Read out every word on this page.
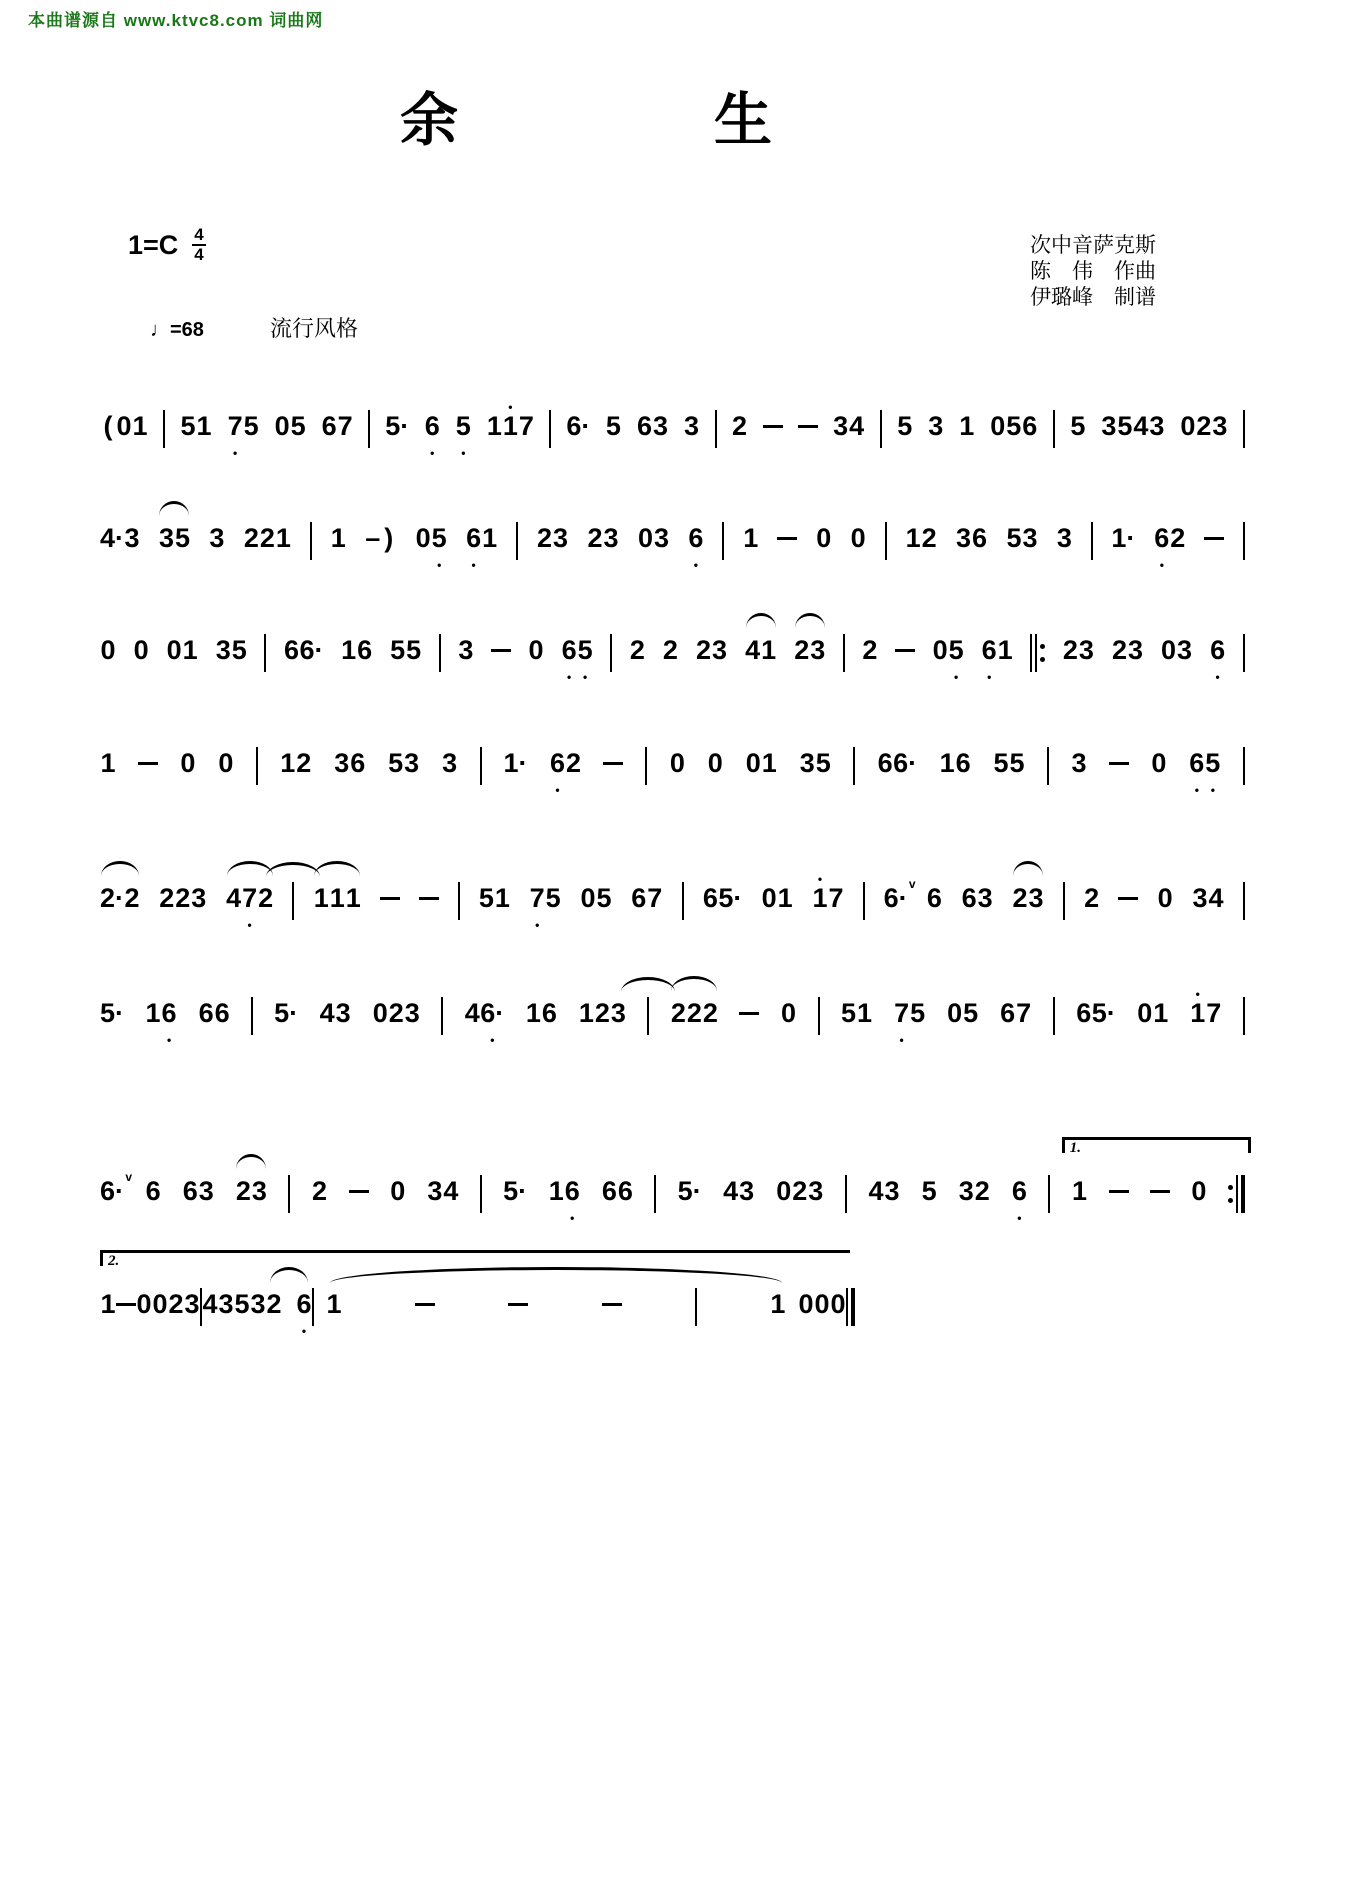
本曲谱源自 www.ktvc8.com 词曲网
余	生
$1=C \frac{4}{4}$	次中音萨克斯
陈　伟　作曲
伊璐峰　制谱
♩=68	流行风格
( 0 1 5 1 7
•
5 0 5 6 7 5· 6
•
5
•
1
•
1 7 6· 5 6 3 3 2	3 4 5 3 1 0 5 6 5 3 5 4 3 0 2 3
4· 3 3 5 3 2 2 1 1 – ) 0 5
•
6
•
1 2 3 2 3 0 3 6
•
1 0 0 1 2 3 6 5 3 3 1· 6
•
2
0 0 0 1 3 5 6 6· 1 6 5 5 3 0 6
•
5
•
2 2 2 3 4 1 2 3 2 0 5
•
6
•
1 2 3 2 3 0 3 6
•
1 0 0 1 2 3 6 5 3 3 1· 6
•
2	0 0 0 1 3 5 6 6· 1 6 5 5 3 0 6
•
5
•
2· 2 2 2 3 4 7
•
2 1 1 1	5 1 7
•
5 0 5 6 7 6 5· 0 1
•
1 7 6· v 6 6 3 2 3 2 0 3 4
5· 1 6
•
6 6 5· 4 3 0 2 3 4 6·
•
1 6 1 2 3 2 2 2 0 5 1 7
•
5 0 5 6 7 6 5· 0 1
•
1 7
1.
6· v 6 6 3 2 3 2 0 3 4 5· 1 6
•
6 6 5· 4 3 0 2 3 4 3 5 3 2 6
•
1	0
2.
1 0 0 2 3 4 3 5 3 2 6
•
1	1 0 0 0
